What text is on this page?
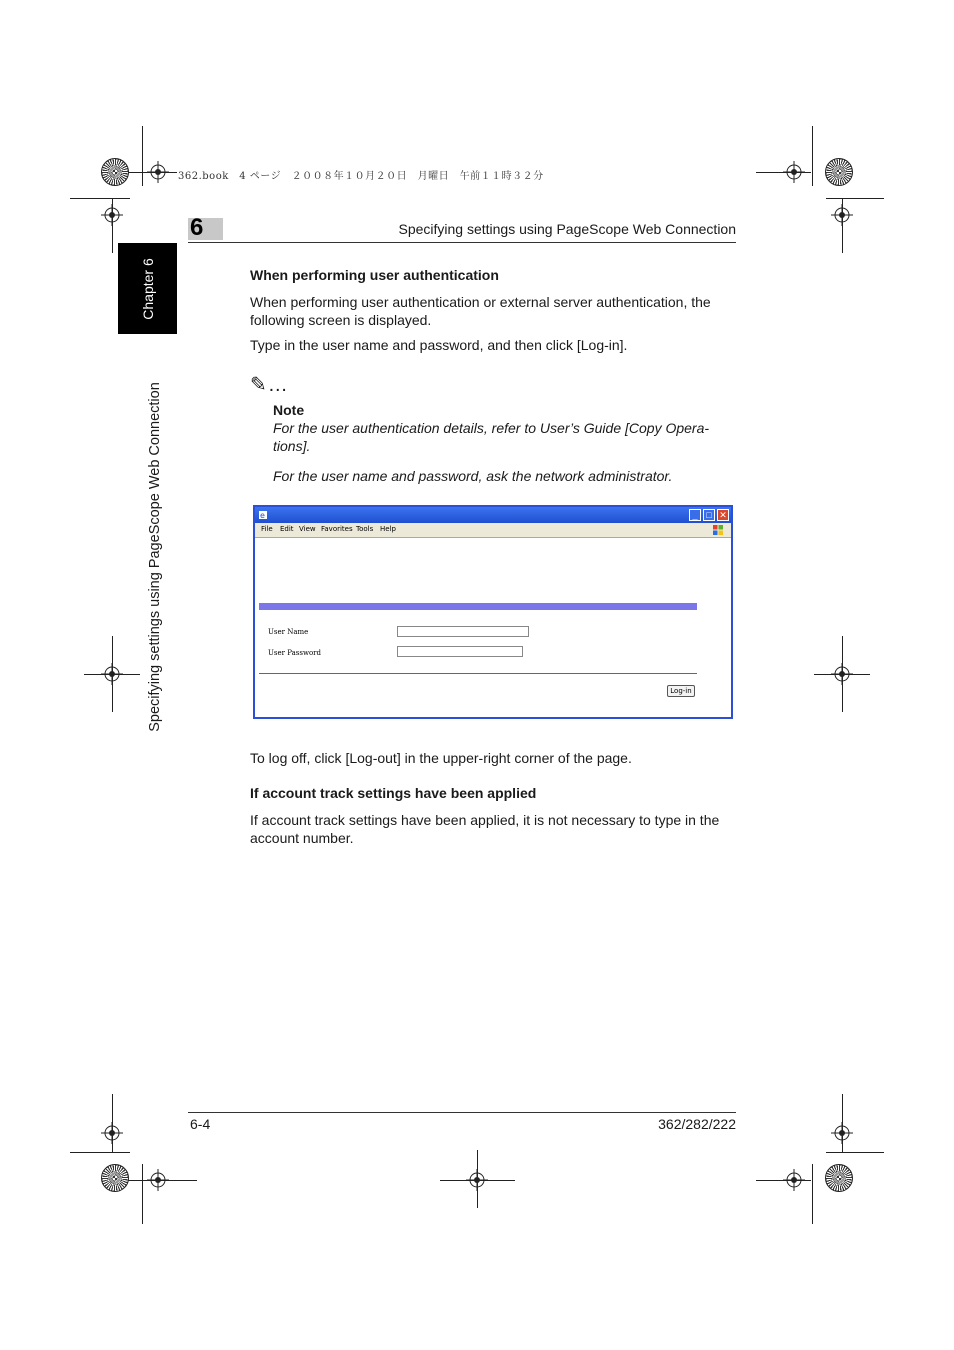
362.book　4 ページ　２００８年１０月２０日　月曜日　午前１１時３２分
Chapter 6
Specifying settings using PageScope Web Connection
6	Specifying settings using PageScope Web Connection
When performing user authentication
When performing user authentication or external server authentication, the
following screen is displayed.
Type in the user name and password, and then click [Log-in].
✎…
Note
For the user authentication details, refer to User’s Guide [Copy Opera-
tions].
For the user name and password, ask the network administrator.
e	_ □ ✕
File Edit View Favorites Tools Help
User Name
User Password
Log-in
To log off, click [Log-out] in the upper-right corner of the page.
If account track settings have been applied
If account track settings have been applied, it is not necessary to type in the
account number.
6-4	362/282/222
